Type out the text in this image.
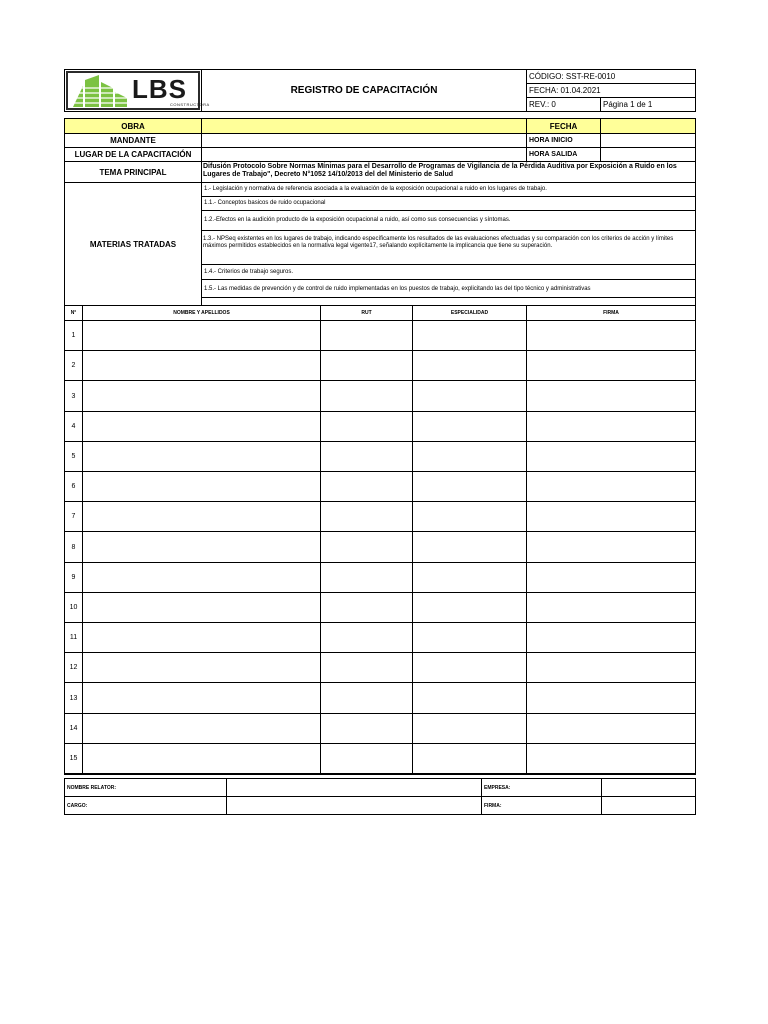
LBS
CONSTRUCTORA
REGISTRO DE CAPACITACIÓN
CÓDIGO: SST-RE-0010
FECHA: 01.04.2021
REV.: 0	Página 1 de 1
OBRA	FECHA
MANDANTE	HORA INICIO
LUGAR DE LA CAPACITACIÓN	HORA SALIDA
TEMA PRINCIPAL
Difusión Protocolo Sobre Normas Mínimas para el Desarrollo de Programas de Vigilancia de la Pérdida Auditiva por Exposición a Ruido en los Lugares de Trabajo", Decreto N°1052 14/10/2013 del del Ministerio de Salud
MATERIAS TRATADAS
1.- Legislación y normativa de referencia asociada a la evaluación de la exposición ocupacional a ruido en los lugares de trabajo.
1.1.- Conceptos basicos de ruido ocupacional
1.2.-Efectos en la audición producto de la exposición ocupacional a ruido, así como sus consecuencias y síntomas.
1.3.- NPSeq existentes en los lugares de trabajo, indicando específicamente los resultados de las evaluaciones efectuadas y su comparación con los criterios de acción y límites máximos permitidos establecidos en la normativa legal vigente17, señalando explícitamente la implicancia que tiene su superación.
1.4.- Criterios de trabajo seguros.
1.5.- Las medidas de prevención y de control de ruido implementadas en los puestos de trabajo, explicitando las del tipo técnico y administrativas
N°	NOMBRE Y APELLIDOS	RUT	ESPECIALIDAD	FIRMA
1
2
3
4
5
6
7
8
9
10
11
12
13
14
15
NOMBRE RELATOR:	EMPRESA:
CARGO:	FIRMA:
